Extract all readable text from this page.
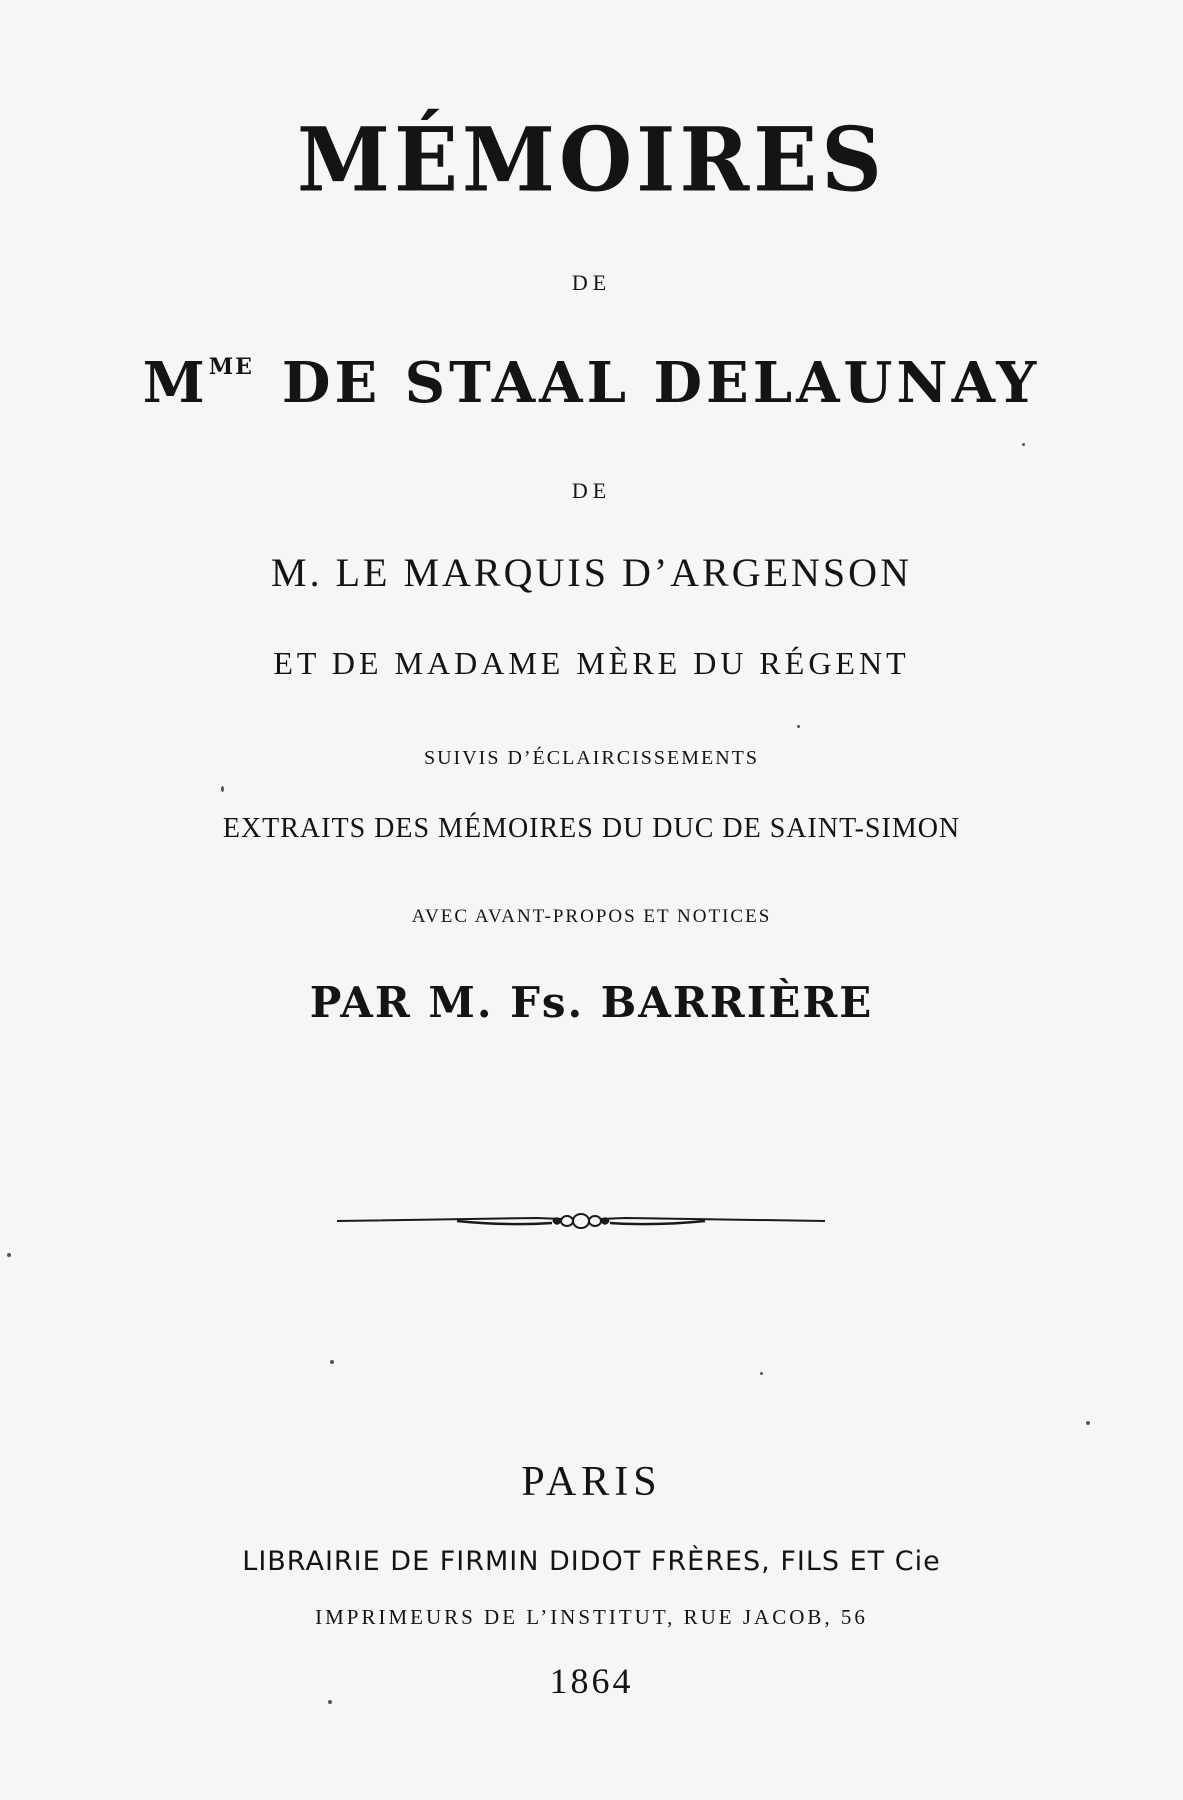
MÉMOIRES
DE
$M^{ME}$ DE STAAL DELAUNAY
DE
M. LE MARQUIS D’ARGENSON
ET DE MADAME MÈRE DU RÉGENT
SUIVIS D’ÉCLAIRCISSEMENTS
EXTRAITS DES MÉMOIRES DU DUC DE SAINT-SIMON
AVEC AVANT-PROPOS ET NOTICES
PAR M. Fs. BARRIÈRE
PARIS
LIBRAIRIE DE FIRMIN DIDOT FRÈRES, FILS ET Cie
IMPRIMEURS DE L’INSTITUT, RUE JACOB, 56
1864
